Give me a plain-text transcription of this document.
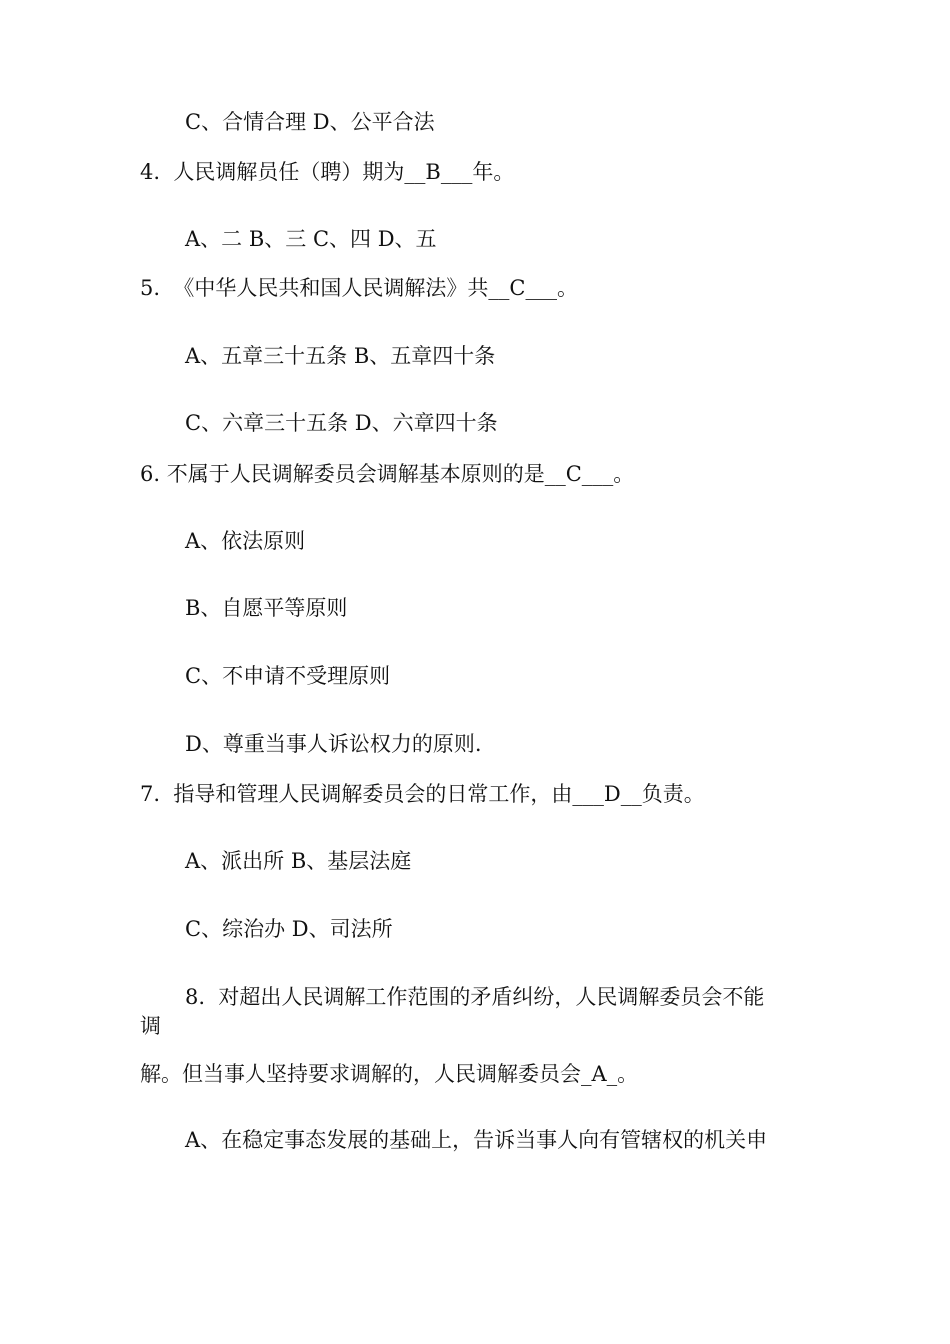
C、合情合理 D、公平合法

4.  人民调解员任（聘）期为__B___年。

A、二 B、三 C、四 D、五

5.  《中华人民共和国人民调解法》共__C___。

A、五章三十五条 B、五章四十条

C、六章三十五条 D、六章四十条

6. 不属于人民调解委员会调解基本原则的是__C___。

A、依法原则

B、自愿平等原则

C、不申请不受理原则

D、尊重当事人诉讼权力的原则.

7.  指导和管理人民调解委员会的日常工作，由___D__负责。

A、派出所 B、基层法庭

C、综治办 D、司法所

8.  对超出人民调解工作范围的矛盾纠纷，人民调解委员会不能

调

解。但当事人坚持要求调解的，人民调解委员会_A_。

A、在稳定事态发展的基础上，告诉当事人向有管辖权的机关申
